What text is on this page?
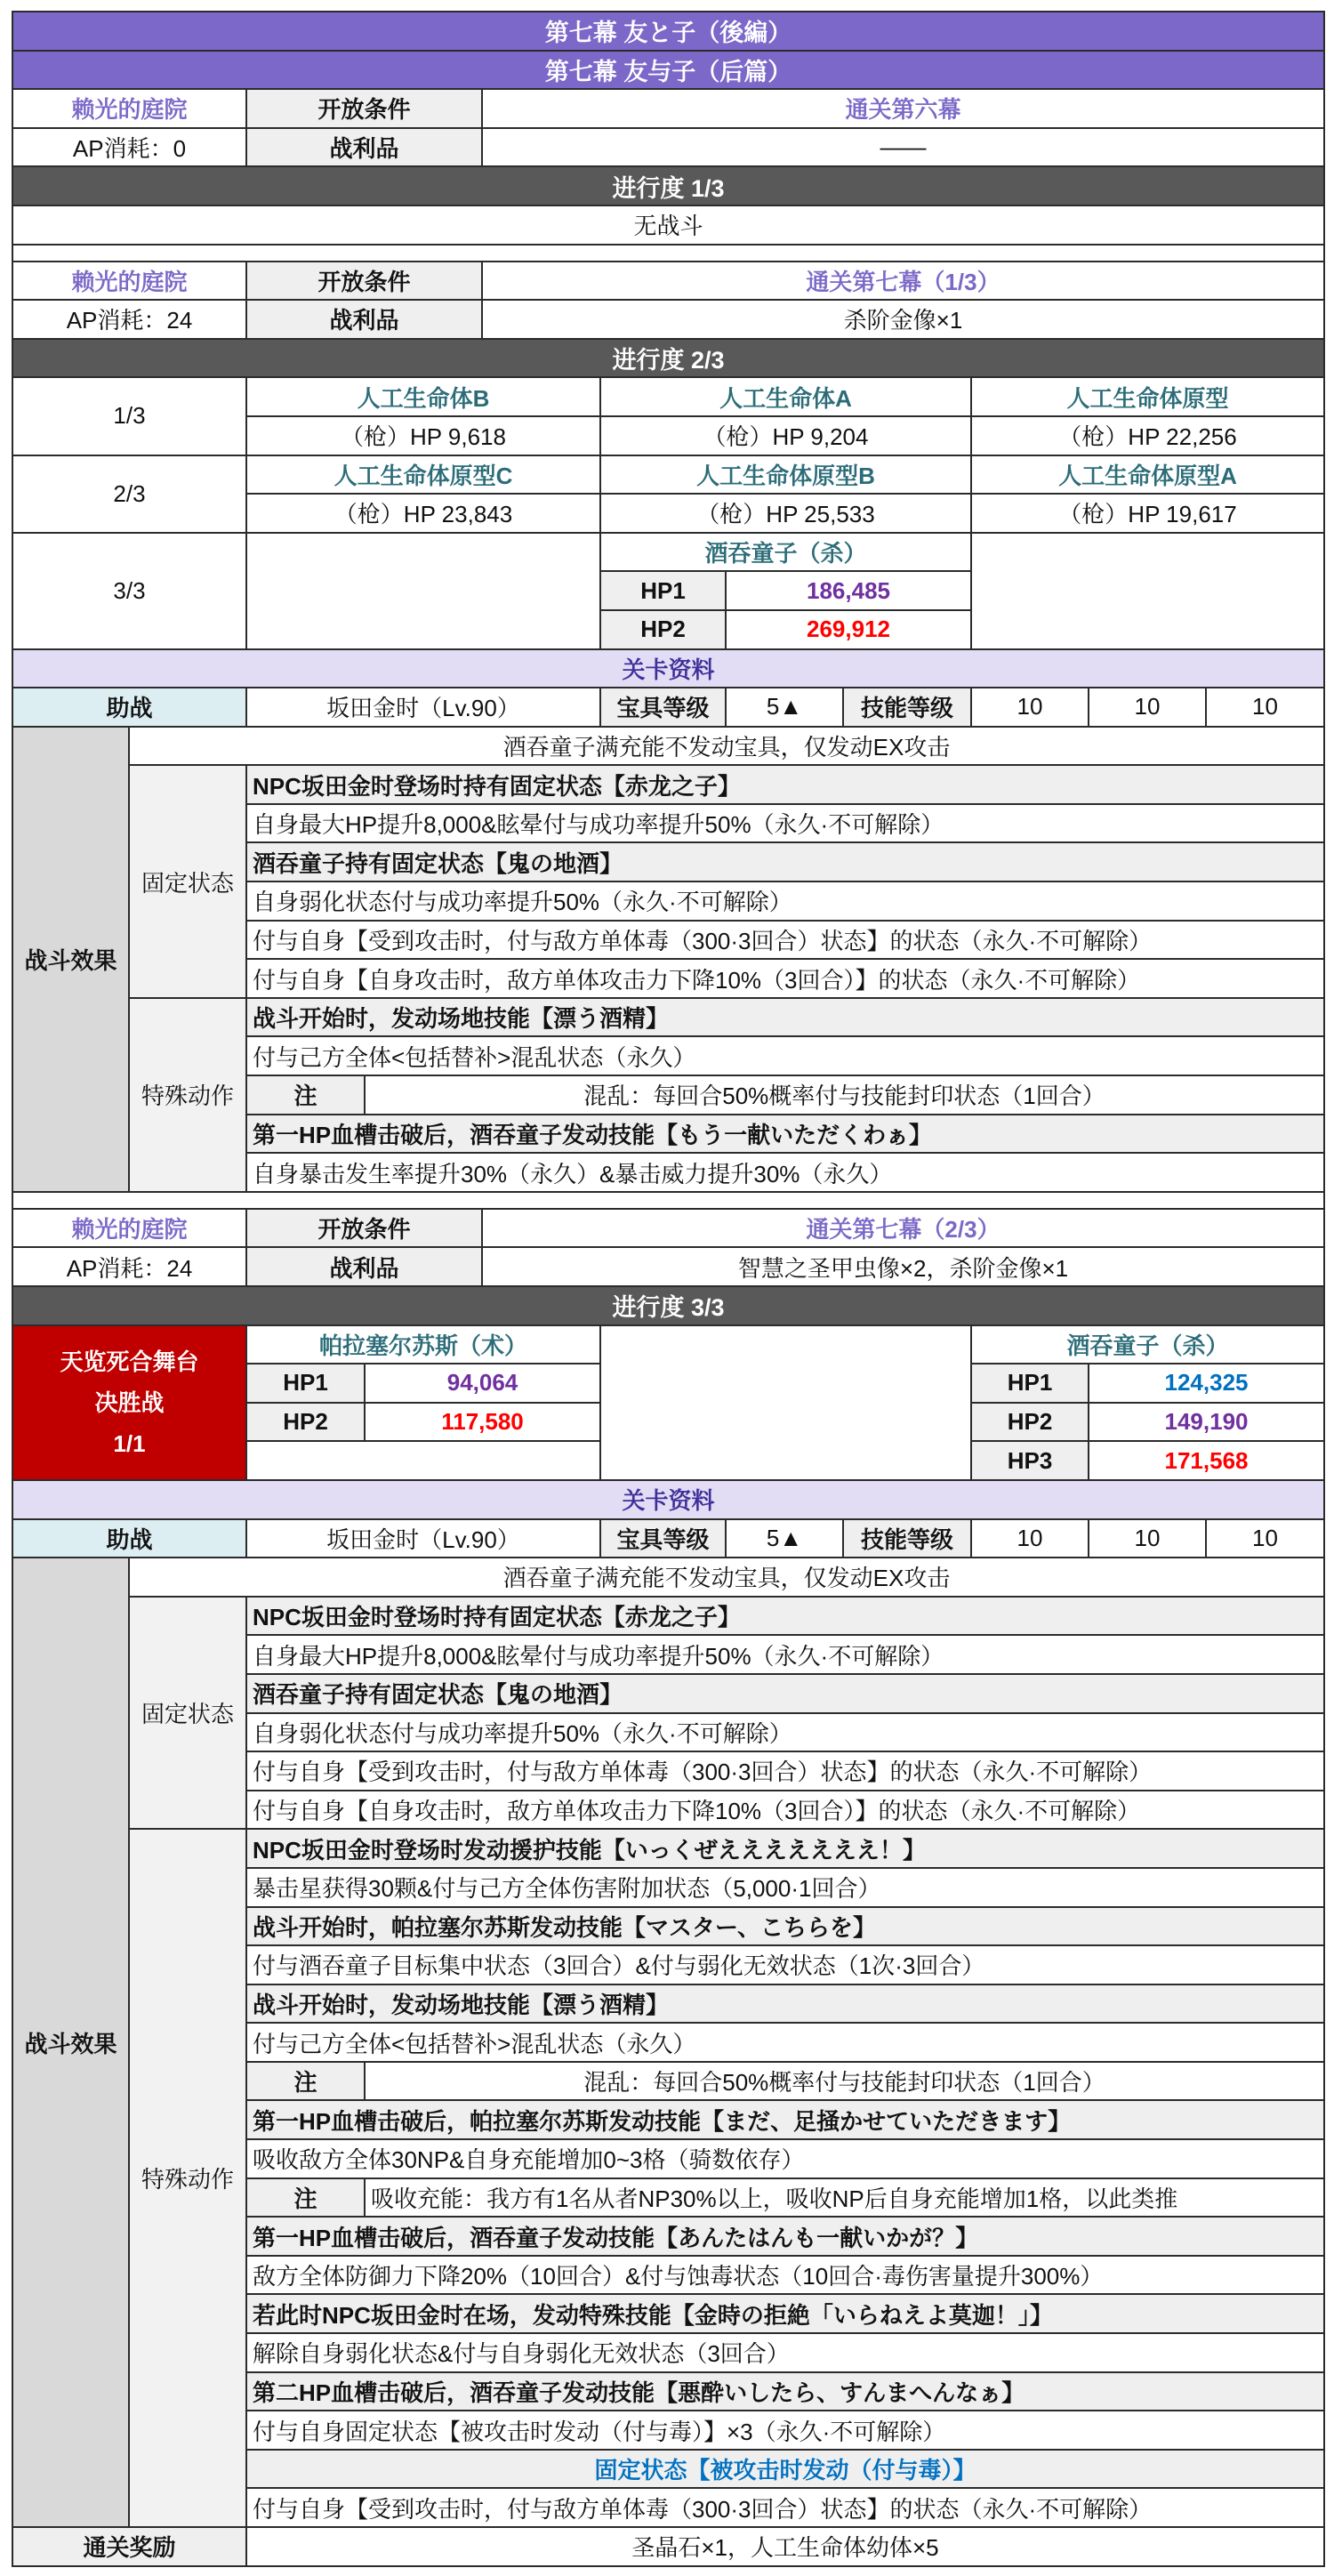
第七幕 友と子（後編）										
第七幕 友与子（后篇）										
赖光的庭院		开放条件		通关第六幕						
AP消耗：0		战利品		——						
进行度 1/3										
无战斗										

赖光的庭院		开放条件		通关第七幕（1/3）						
AP消耗：24		战利品		杀阶金像×1						
进行度 2/3										
1/3		人工生命体B			人工生命体A			人工生命体原型		
		（枪）HP 9,618			（枪）HP 9,204			（枪）HP 22,256		
2/3		人工生命体原型C			人工生命体原型B			人工生命体原型A		
		（枪）HP 23,843			（枪）HP 25,533			（枪）HP 19,617		
3/3					酒吞童子（杀）					
					HP1	186,485				
					HP2	269,912				
关卡资料										
助战		坂田金时（Lv.90）			宝具等级	5▲	技能等级	10	10	10
战斗效果	酒吞童子满充能不发动宝具，仅发动EX攻击									
	固定状态	NPC坂田金时登场时持有固定状态【赤龙之子】								
		自身最大HP提升8,000&眩晕付与成功率提升50%（永久·不可解除）								
		酒吞童子持有固定状态【鬼の地酒】								
		自身弱化状态付与成功率提升50%（永久·不可解除）								
		付与自身【受到攻击时，付与敌方单体毒（300·3回合）状态】的状态（永久·不可解除）								
		付与自身【自身攻击时，敌方单体攻击力下降10%（3回合）】的状态（永久·不可解除）								
	特殊动作	战斗开始时，发动场地技能【漂う酒精】								
		付与己方全体<包括替补>混乱状态（永久）								
		注	混乱：每回合50%概率付与技能封印状态（1回合）							
		第一HP血槽击破后，酒吞童子发动技能【もう一献いただくわぁ】								
		自身暴击发生率提升30%（永久）&暴击威力提升30%（永久）								

赖光的庭院		开放条件		通关第七幕（2/3）						
AP消耗：24		战利品		智慧之圣甲虫像×2，杀阶金像×1						
进行度 3/3										

天览死合舞台
决胜战
1/1		帕拉塞尔苏斯（术）						酒吞童子（杀）		
		HP1	94,064					HP1	124,325	
		HP2	117,580					HP2	149,190	
								HP3	171,568	
关卡资料										
助战		坂田金时（Lv.90）			宝具等级	5▲	技能等级	10	10	10
战斗效果	酒吞童子满充能不发动宝具，仅发动EX攻击									
	固定状态	NPC坂田金时登场时持有固定状态【赤龙之子】								
		自身最大HP提升8,000&眩晕付与成功率提升50%（永久·不可解除）								
		酒吞童子持有固定状态【鬼の地酒】								
		自身弱化状态付与成功率提升50%（永久·不可解除）								
		付与自身【受到攻击时，付与敌方单体毒（300·3回合）状态】的状态（永久·不可解除）								
		付与自身【自身攻击时，敌方单体攻击力下降10%（3回合）】的状态（永久·不可解除）								
	特殊动作	NPC坂田金时登场时发动援护技能【いっくぜえええええええ！】								
		暴击星获得30颗&付与己方全体伤害附加状态（5,000·1回合）								
		战斗开始时，帕拉塞尔苏斯发动技能【マスター、こちらを】								
		付与酒吞童子目标集中状态（3回合）&付与弱化无效状态（1次·3回合）								
		战斗开始时，发动场地技能【漂う酒精】								
		付与己方全体<包括替补>混乱状态（永久）								
		注	混乱：每回合50%概率付与技能封印状态（1回合）							
		第一HP血槽击破后，帕拉塞尔苏斯发动技能【まだ、足掻かせていただきます】								
		吸收敌方全体30NP&自身充能增加0~3格（骑数依存）								
		注	吸收充能：我方有1名从者NP30%以上，吸收NP后自身充能增加1格，以此类推							
		第一HP血槽击破后，酒吞童子发动技能【あんたはんも一献いかが？】								
		敌方全体防御力下降20%（10回合）&付与蚀毒状态（10回合·毒伤害量提升300%）								
		若此时NPC坂田金时在场，发动特殊技能【金時の拒絶「いらねえよ莫迦！」】								
		解除自身弱化状态&付与自身弱化无效状态（3回合）								
		第二HP血槽击破后，酒吞童子发动技能【悪酔いしたら、すんまへんなぁ】								
		付与自身固定状态【被攻击时发动（付与毒）】×3（永久·不可解除）								
		固定状态【被攻击时发动（付与毒）】								
		付与自身【受到攻击时，付与敌方单体毒（300·3回合）状态】的状态（永久·不可解除）								
通关奖励		圣晶石×1，人工生命体幼体×5								
